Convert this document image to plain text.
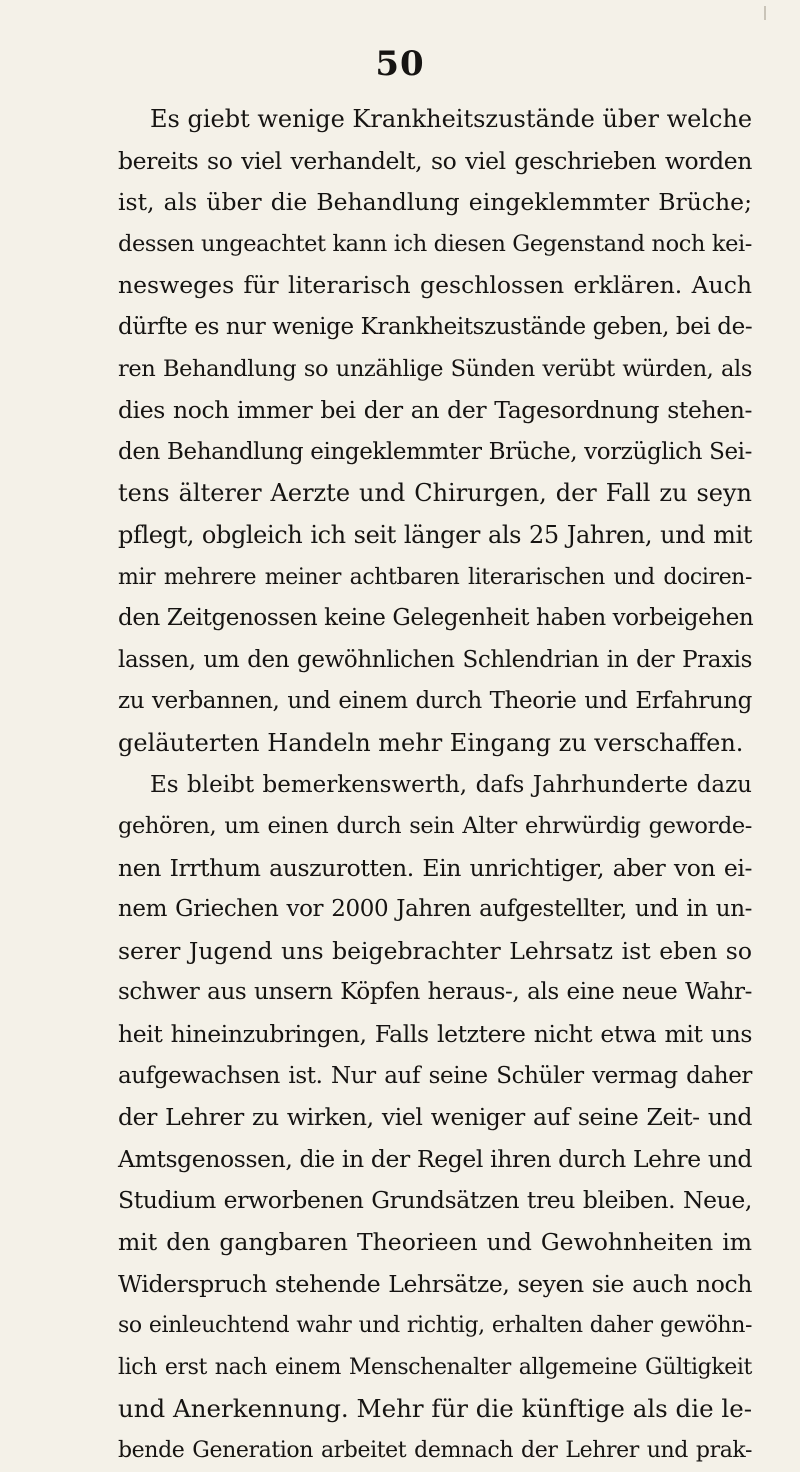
50
Es giebt wenige Krankheitszustände über welche
bereits so viel verhandelt, so viel geschrieben worden
ist, als über die Behandlung eingeklemmter Brüche;
dessen ungeachtet kann ich diesen Gegenstand noch kei-
nesweges für literarisch geschlossen erklären. Auch
dürfte es nur wenige Krankheitszustände geben, bei de-
ren Behandlung so unzählige Sünden verübt würden, als
dies noch immer bei der an der Tagesordnung stehen-
den Behandlung eingeklemmter Brüche, vorzüglich Sei-
tens älterer Aerzte und Chirurgen, der Fall zu seyn
pflegt, obgleich ich seit länger als 25 Jahren, und mit
mir mehrere meiner achtbaren literarischen und dociren-
den Zeitgenossen keine Gelegenheit haben vorbeigehen
lassen, um den gewöhnlichen Schlendrian in der Praxis
zu verbannen, und einem durch Theorie und Erfahrung
geläuterten Handeln mehr Eingang zu verschaffen.
Es bleibt bemerkenswerth, dafs Jahrhunderte dazu
gehören, um einen durch sein Alter ehrwürdig geworde-
nen Irrthum auszurotten. Ein unrichtiger, aber von ei-
nem Griechen vor 2000 Jahren aufgestellter, und in un-
serer Jugend uns beigebrachter Lehrsatz ist eben so
schwer aus unsern Köpfen heraus-, als eine neue Wahr-
heit hineinzubringen, Falls letztere nicht etwa mit uns
aufgewachsen ist. Nur auf seine Schüler vermag daher
der Lehrer zu wirken, viel weniger auf seine Zeit- und
Amtsgenossen, die in der Regel ihren durch Lehre und
Studium erworbenen Grundsätzen treu bleiben. Neue,
mit den gangbaren Theorieen und Gewohnheiten im
Widerspruch stehende Lehrsätze, seyen sie auch noch
so einleuchtend wahr und richtig, erhalten daher gewöhn-
lich erst nach einem Menschenalter allgemeine Gültigkeit
und Anerkennung. Mehr für die künftige als die le-
bende Generation arbeitet demnach der Lehrer und prak-
